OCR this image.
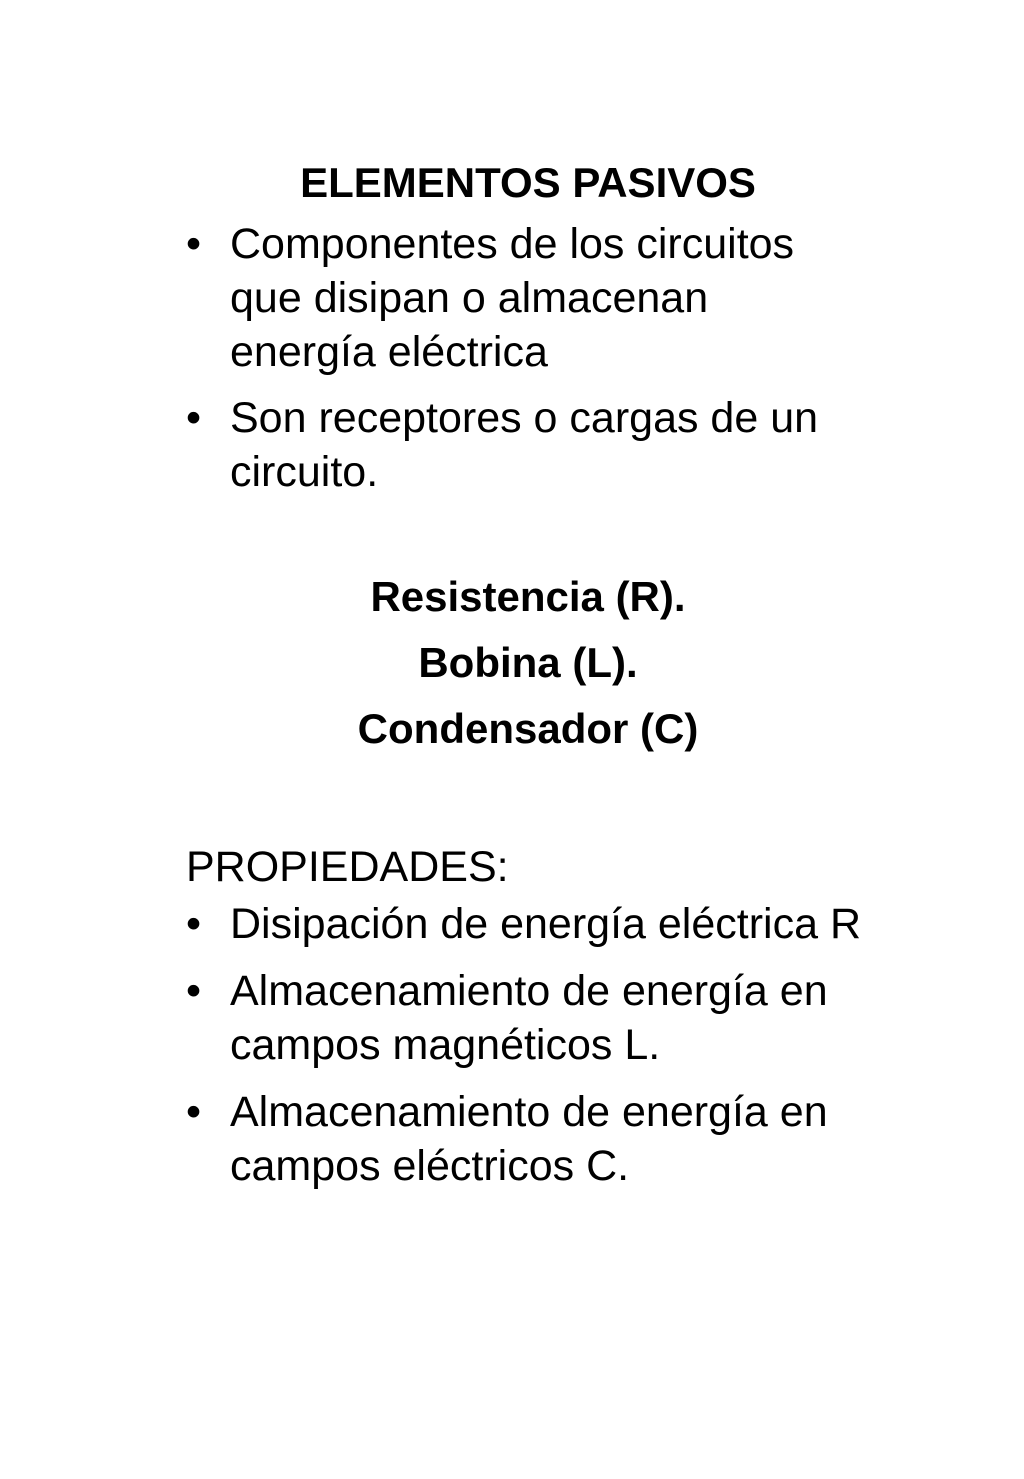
ELEMENTOS PASIVOS
• Componentes de los circuitos que disipan o almacenan energía eléctrica
• Son receptores o cargas de un circuito.
Resistencia (R).
Bobina (L).
Condensador (C)
PROPIEDADES:
• Disipación de energía eléctrica R
• Almacenamiento de energía en campos magnéticos L.
• Almacenamiento de energía en campos eléctricos C.
